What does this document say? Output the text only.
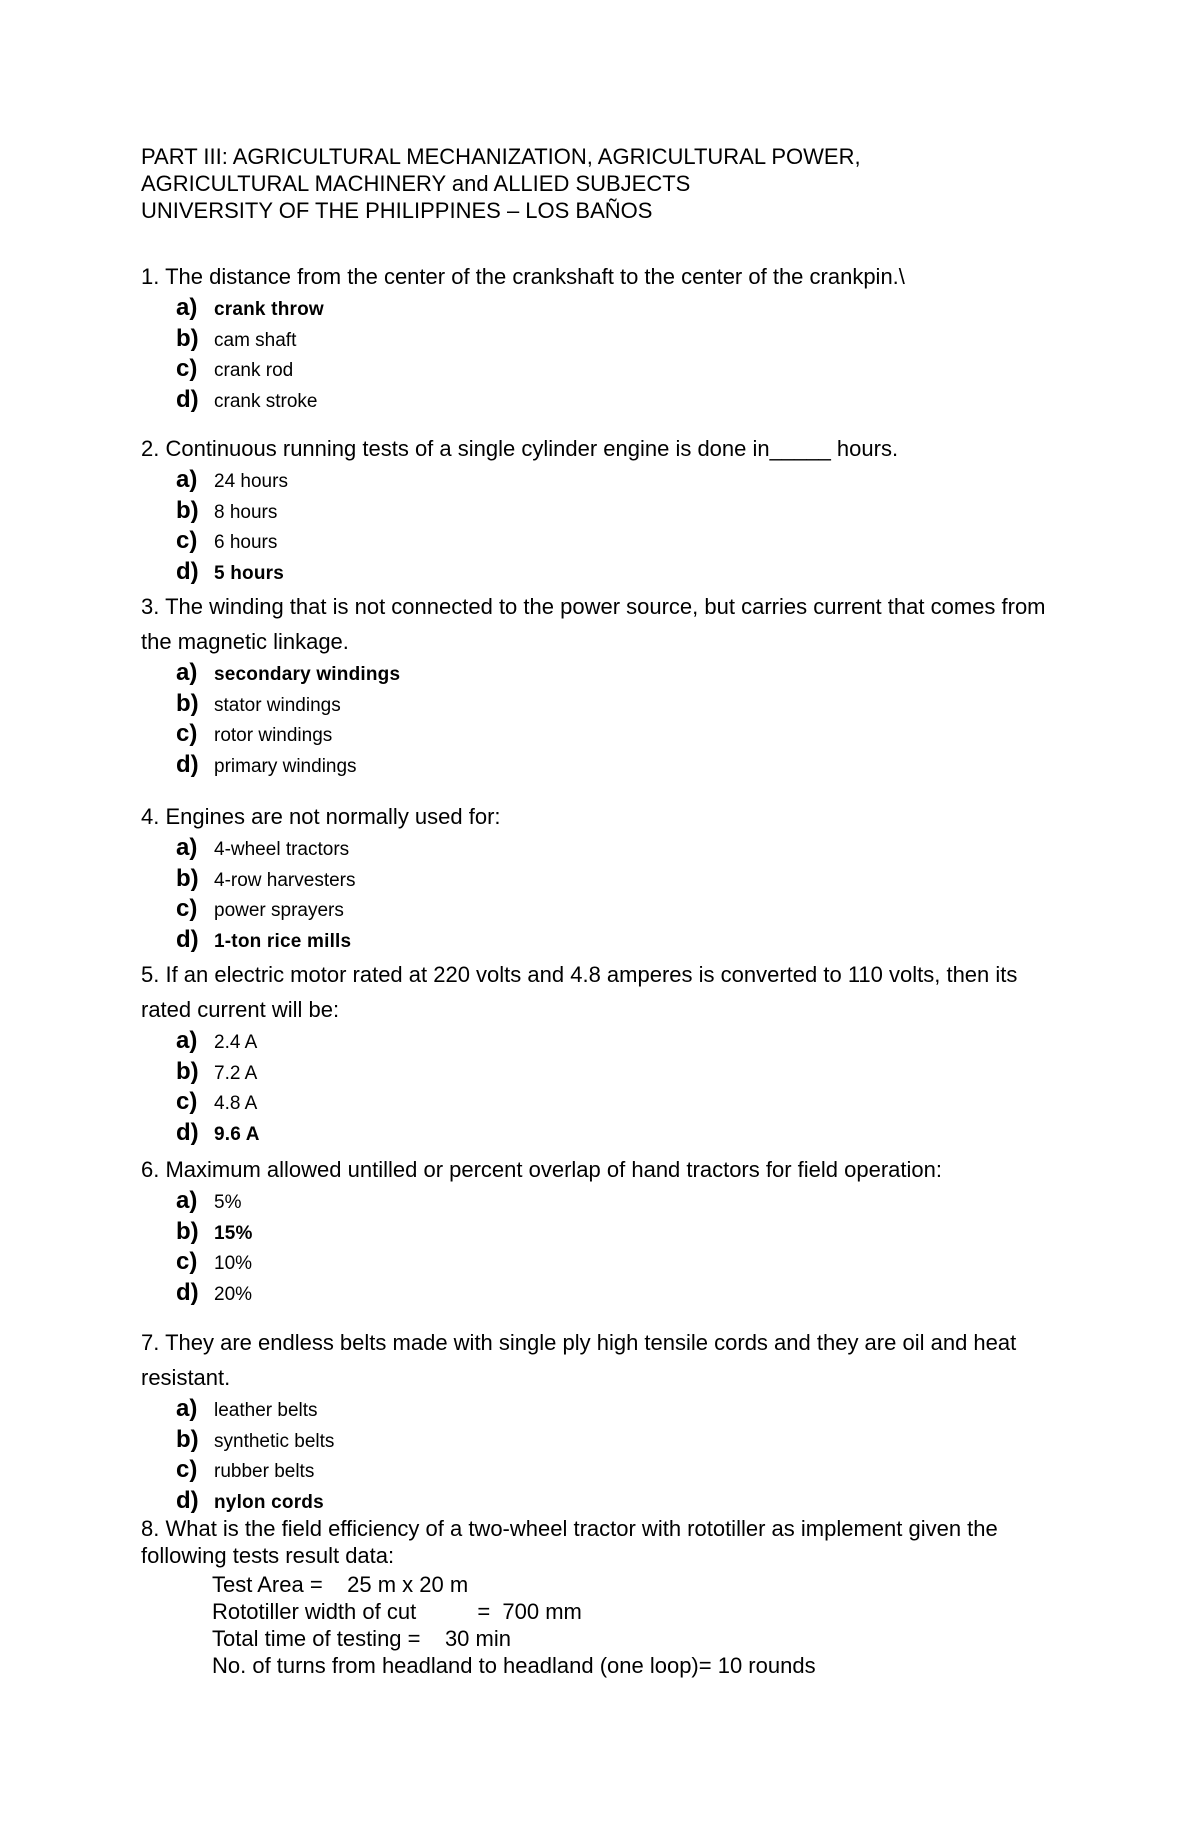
PART III: AGRICULTURAL MECHANIZATION, AGRICULTURAL POWER,
AGRICULTURAL MACHINERY and ALLIED SUBJECTS
UNIVERSITY OF THE PHILIPPINES – LOS BAÑOS
1. The distance from the center of the crankshaft to the center of the crankpin.\
a) crank throw
b) cam shaft
c) crank rod
d) crank stroke
2. Continuous running tests of a single cylinder engine is done in_____ hours.
a) 24 hours
b) 8 hours
c) 6 hours
d) 5 hours
3. The winding that is not connected to the power source, but carries current that comes from the magnetic linkage.
a) secondary windings
b) stator windings
c) rotor windings
d) primary windings
4. Engines are not normally used for:
a) 4-wheel tractors
b) 4-row harvesters
c) power sprayers
d) 1-ton rice mills
5. If an electric motor rated at 220 volts and 4.8 amperes is converted to 110 volts, then its rated current will be:
a) 2.4 A
b) 7.2 A
c) 4.8 A
d) 9.6 A
6. Maximum allowed untilled or percent overlap of hand tractors for field operation:
a) 5%
b) 15%
c) 10%
d) 20%
7. They are endless belts made with single ply high tensile cords and they are oil and heat resistant.
a) leather belts
b) synthetic belts
c) rubber belts
d) nylon cords
8. What is the field efficiency of a two-wheel tractor with rototiller as implement given the following tests result data:
Test Area =    25 m x 20 m
Rototiller width of cut          =  700 mm
Total time of testing =    30 min
No. of turns from headland to headland (one loop)= 10 rounds
